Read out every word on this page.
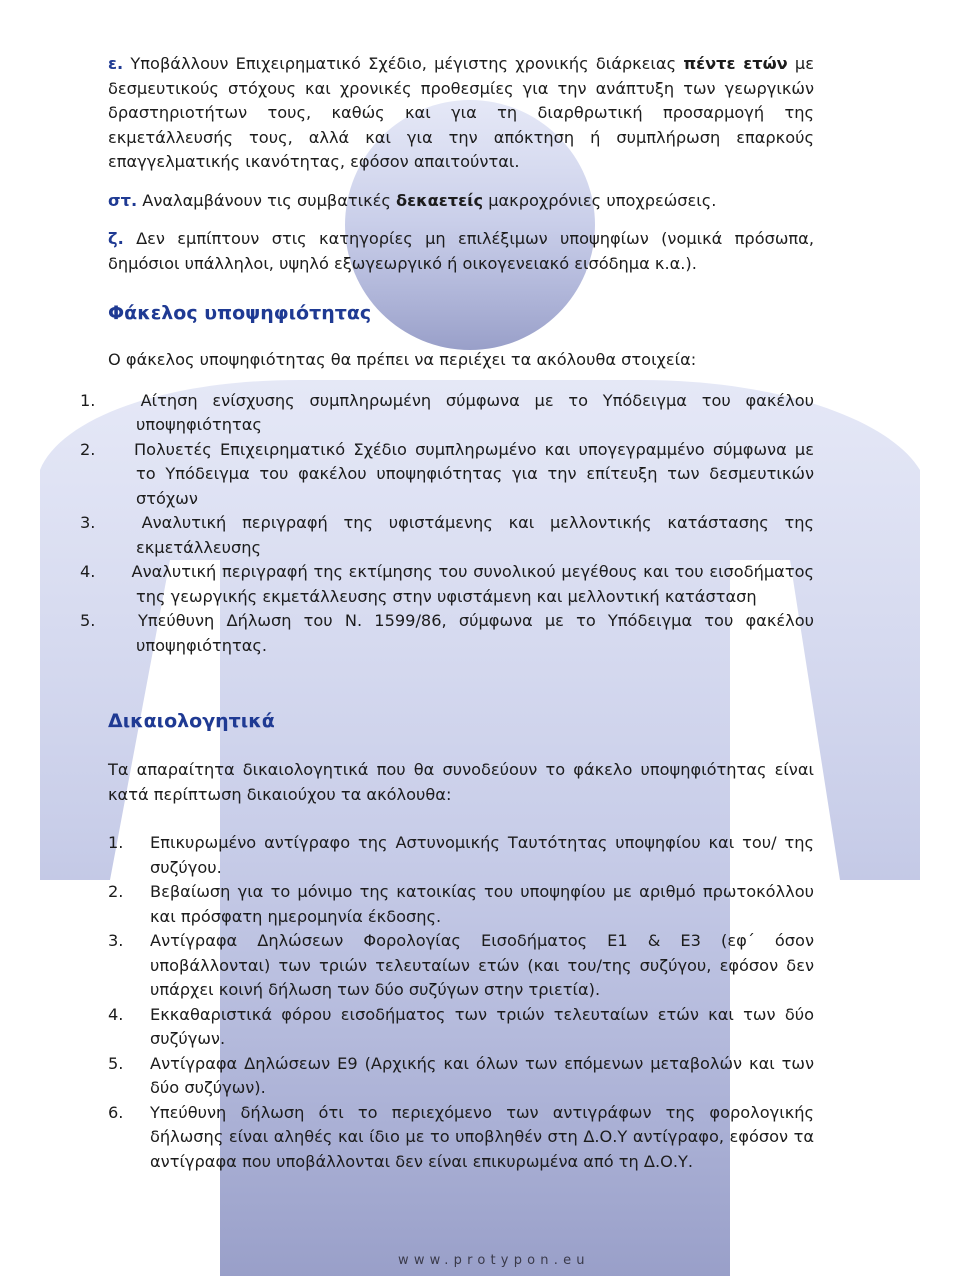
ε. Υποβάλλουν Επιχειρηματικό Σχέδιο, μέγιστης χρονικής διάρκειας πέντε ετών με δεσμευτικούς στόχους και χρονικές προθεσμίες για την ανάπτυξη των γεωργικών δραστηριοτήτων τους, καθώς και για τη διαρθρωτική προσαρμογή της εκμετάλλευσής τους, αλλά και για την απόκτηση ή συμπλήρωση επαρκούς επαγγελματικής ικανότητας, εφόσον απαιτούνται.

στ. Αναλαμβάνουν τις συμβατικές δεκαετείς μακροχρόνιες υποχρεώσεις.

ζ. Δεν εμπίπτουν στις κατηγορίες μη επιλέξιμων υποψηφίων (νομικά πρόσωπα, δημόσιοι υπάλληλοι, υψηλό εξωγεωργικό ή οικογενειακό εισόδημα κ.α.).

Φάκελος υποψηφιότητας

Ο φάκελος υποψηφιότητας θα πρέπει να περιέχει τα ακόλουθα στοιχεία:

1.	Αίτηση ενίσχυσης συμπληρωμένη σύμφωνα με το Υπόδειγμα του φακέλου υποψηφιότητας
2. Πολυετές Επιχειρηματικό Σχέδιο συμπληρωμένο και υπογεγραμμένο σύμφωνα με το Υπόδειγμα του φακέλου υποψηφιότητας για την επίτευξη των δεσμευτικών στόχων
3.	Αναλυτική περιγραφή της υφιστάμενης και μελλοντικής κατάστασης της εκμετάλλευσης
4. Αναλυτική περιγραφή της εκτίμησης του συνολικού μεγέθους και του εισοδήματος της γεωργικής εκμετάλλευσης στην υφιστάμενη και μελλοντική κατάσταση
5.	Υπεύθυνη Δήλωση του Ν. 1599/86, σύμφωνα με το Υπόδειγμα του φακέλου υποψηφιότητας.
Δικαιολογητικά

Τα απαραίτητα δικαιολογητικά που θα συνοδεύουν το φάκελο υποψηφιότητας είναι κατά περίπτωση δικαιούχου τα ακόλουθα:

1.	Επικυρωμένο αντίγραφο της Αστυνομικής Ταυτότητας υποψηφίου και του/ της συζύγου.
2.	Βεβαίωση για το μόνιμο της κατοικίας του υποψηφίου με αριθμό πρωτοκόλλου και πρόσφατη ημερομηνία έκδοσης.
3.	Αντίγραφα Δηλώσεων Φορολογίας Εισοδήματος Ε1 & Ε3 (εφ΄ όσον υποβάλλονται) των τριών τελευταίων ετών (και του/της συζύγου, εφόσον δεν υπάρχει κοινή δήλωση των δύο συζύγων στην τριετία).
4.	Εκκαθαριστικά φόρου εισοδήματος των τριών τελευταίων ετών και των δύο συζύγων.
5.	Αντίγραφα Δηλώσεων Ε9 (Αρχικής και όλων των επόμενων μεταβολών και των δύο συζύγων).
6.	Υπεύθυνη δήλωση ότι το περιεχόμενο των αντιγράφων της φορολογικής δήλωσης είναι αληθές και ίδιο με το υποβληθέν στη Δ.Ο.Υ αντίγραφο, εφόσον τα αντίγραφα που υποβάλλονται δεν είναι επικυρωμένα από τη Δ.Ο.Υ.
www.protypon.eu
